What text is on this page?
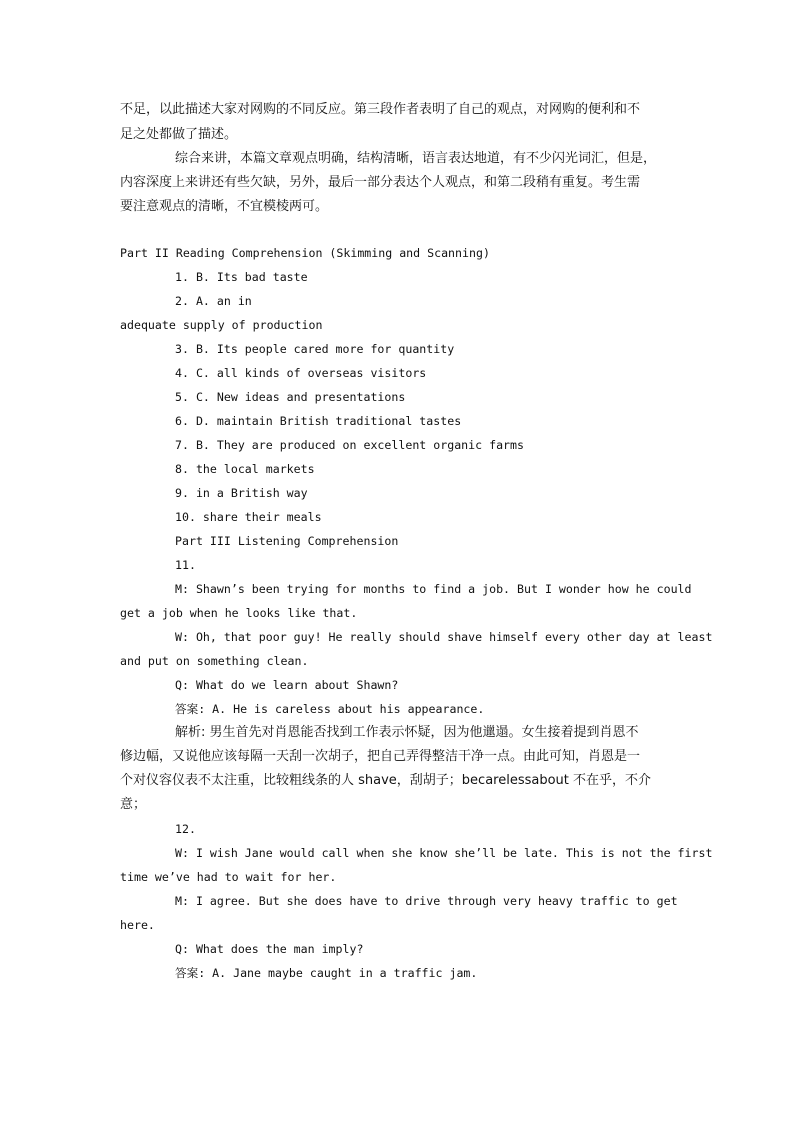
不足，以此描述大家对网购的不同反应。第三段作者表明了自己的观点，对网购的便利和不
足之处都做了描述。
综合来讲，本篇文章观点明确，结构清晰，语言表达地道，有不少闪光词汇，但是，
内容深度上来讲还有些欠缺，另外，最后一部分表达个人观点，和第二段稍有重复。考生需
要注意观点的清晰，不宜模棱两可。
Part II Reading Comprehension (Skimming and Scanning)
1. B. Its bad taste
2. A. an in
adequate supply of production
3. B. Its people cared more for quantity
4. C. all kinds of overseas visitors
5. C. New ideas and presentations
6. D. maintain British traditional tastes
7. B. They are produced on excellent organic farms
8. the local markets
9. in a British way
10. share their meals
Part III Listening Comprehension
11.
M: Shawn’s been trying for months to find a job. But I wonder how he could
get a job when he looks like that.
W: Oh, that poor guy! He really should shave himself every other day at least
and put on something clean.
Q: What do we learn about Shawn?
答案: A. He is careless about his appearance.
解析: 男生首先对肖恩能否找到工作表示怀疑，因为他邋遢。女生接着提到肖恩不
修边幅，又说他应该每隔一天刮一次胡子，把自己弄得整洁干净一点。由此可知，肖恩是一
个对仪容仪表不太注重，比较粗线条的人 shave，刮胡子；becarelessabout 不在乎，不介
意；
12.
W: I wish Jane would call when she know she’ll be late. This is not the first
time we’ve had to wait for her.
M: I agree. But she does have to drive through very heavy traffic to get
here.
Q: What does the man imply?
答案: A. Jane maybe caught in a traffic jam.
